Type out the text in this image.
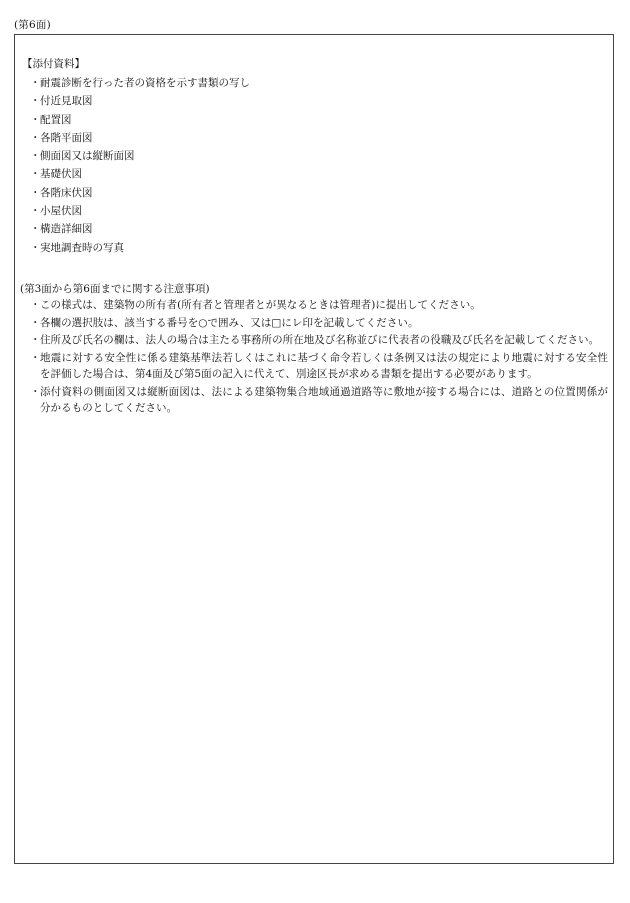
(第6面)
【添付資料】
・耐震診断を行った者の資格を示す書類の写し
・付近見取図
・配置図
・各階平面図
・側面図又は縦断面図
・基礎伏図
・各階床伏図
・小屋伏図
・構造詳細図
・実地調査時の写真
(第3面から第6面までに関する注意事項)
・ この様式は、建築物の所有者(所有者と管理者とが異なるときは管理者)に提出してください。
・ 各欄の選択肢は、該当する番号を○で囲み、又は□にレ印を記載してください。
・ 住所及び氏名の欄は、法人の場合は主たる事務所の所在地及び名称並びに代表者の役職及び氏名を記載してください。
・ 地震に対する安全性に係る建築基準法若しくはこれに基づく命令若しくは条例又は法の規定により地震に対する安全性を評価した場合は、第4面及び第5面の記入に代えて、別途区長が求める書類を提出する必要があります。
・ 添付資料の側面図又は縦断面図は、法による建築物集合地域通過道路等に敷地が接する場合には、道路との位置関係が分かるものとしてください。
